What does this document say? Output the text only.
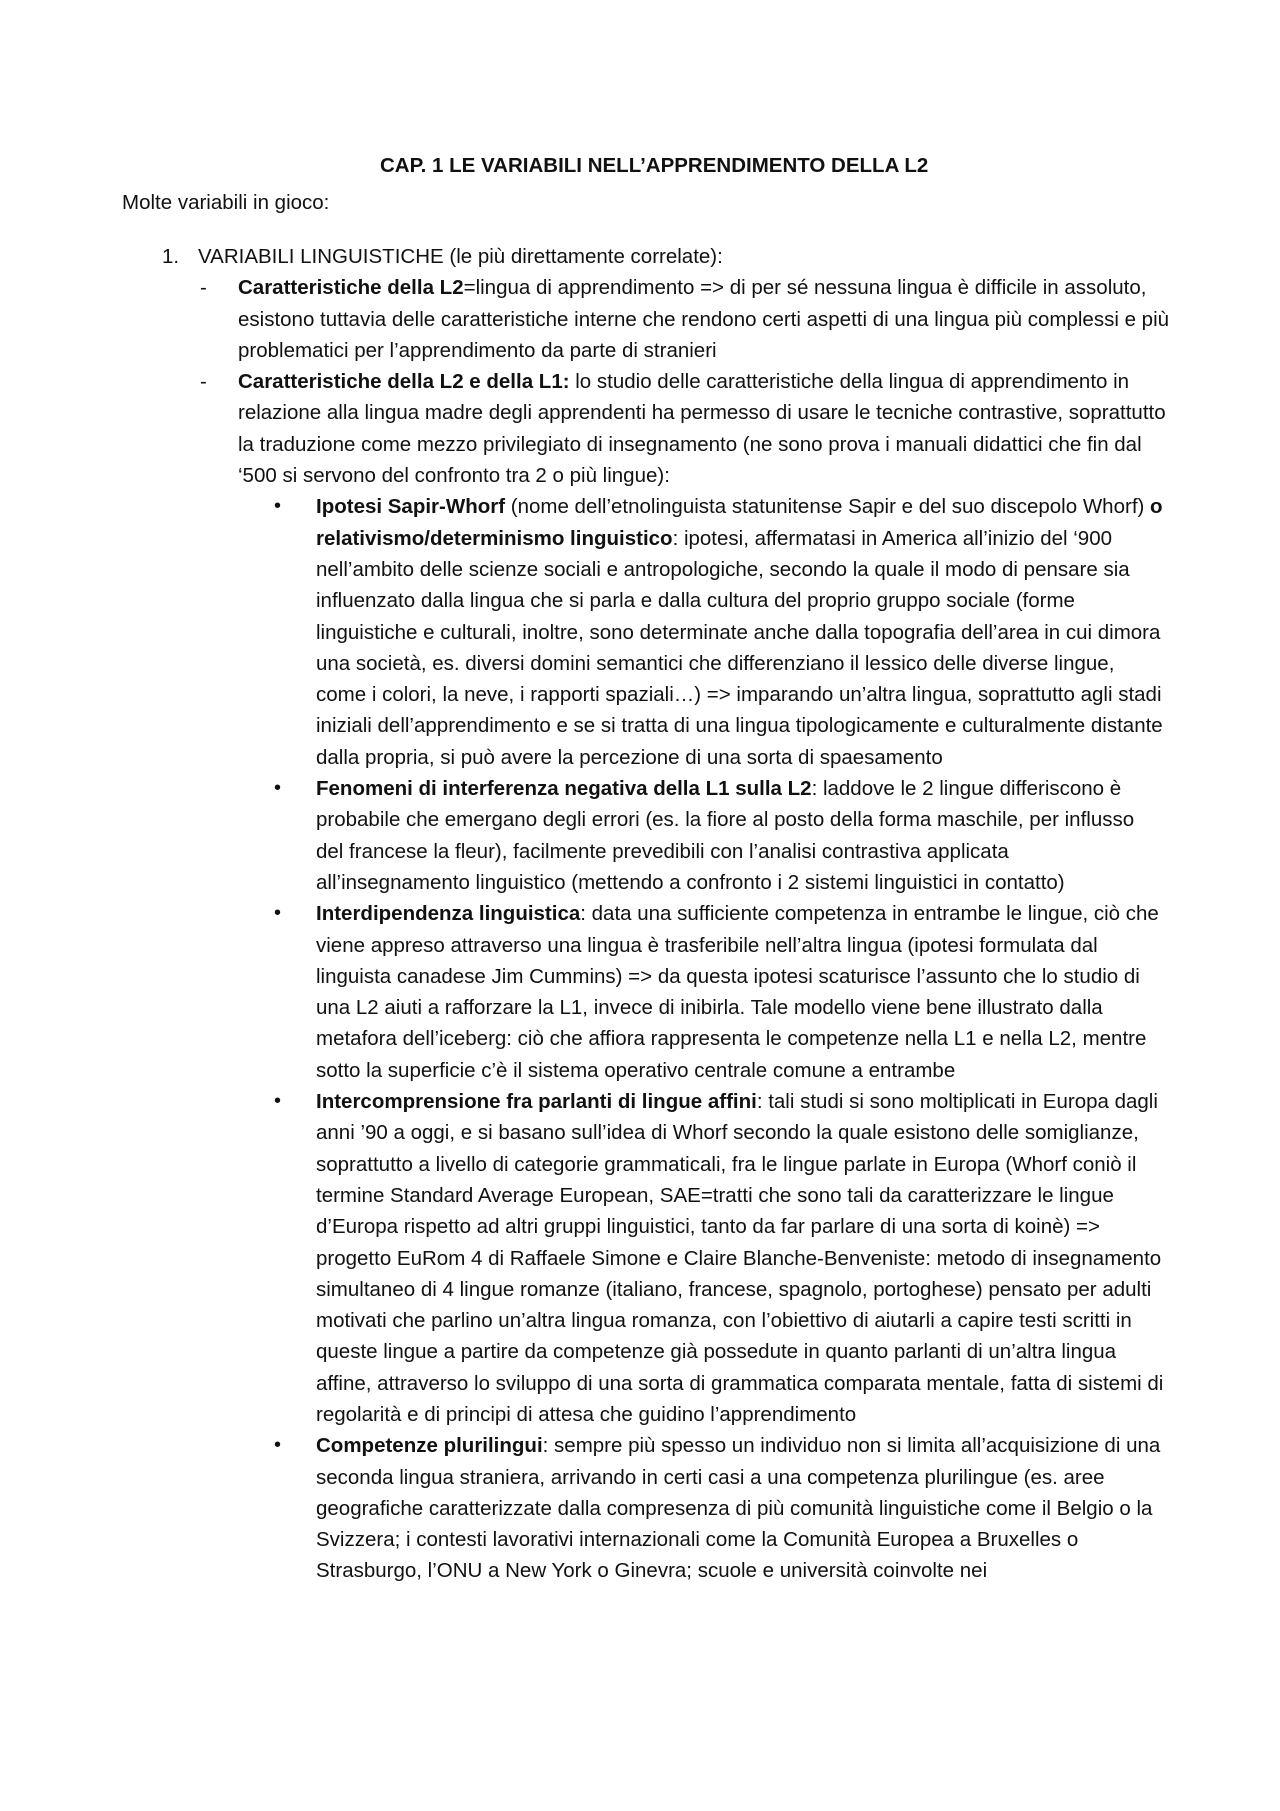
CAP. 1 LE VARIABILI NELL’APPRENDIMENTO DELLA L2

Molte variabili in gioco:

1. VARIABILI LINGUISTICHE (le più direttamente correlate):
- Caratteristiche della L2=lingua di apprendimento => di per sé nessuna lingua è difficile in assoluto, esistono tuttavia delle caratteristiche interne che rendono certi aspetti di una lingua più complessi e più problematici per l’apprendimento da parte di stranieri
- Caratteristiche della L2 e della L1: lo studio delle caratteristiche della lingua di apprendimento in relazione alla lingua madre degli apprendenti ha permesso di usare le tecniche contrastive, soprattutto la traduzione come mezzo privilegiato di insegnamento (ne sono prova i manuali didattici che fin dal ‘500 si servono del confronto tra 2 o più lingue):
• Ipotesi Sapir-Whorf (nome dell’etnolinguista statunitense Sapir e del suo discepolo Whorf) o relativismo/determinismo linguistico: ipotesi, affermatasi in America all’inizio del ‘900 nell’ambito delle scienze sociali e antropologiche, secondo la quale il modo di pensare sia influenzato dalla lingua che si parla e dalla cultura del proprio gruppo sociale (forme linguistiche e culturali, inoltre, sono determinate anche dalla topografia dell’area in cui dimora una società, es. diversi domini semantici che differenziano il lessico delle diverse lingue, come i colori, la neve, i rapporti spaziali…) => imparando un’altra lingua, soprattutto agli stadi iniziali dell’apprendimento e se si tratta di una lingua tipologicamente e culturalmente distante dalla propria, si può avere la percezione di una sorta di spaesamento
• Fenomeni di interferenza negativa della L1 sulla L2: laddove le 2 lingue differiscono è probabile che emergano degli errori (es. la fiore al posto della forma maschile, per influsso del francese la fleur), facilmente prevedibili con l’analisi contrastiva applicata all’insegnamento linguistico (mettendo a confronto i 2 sistemi linguistici in contatto)
• Interdipendenza linguistica: data una sufficiente competenza in entrambe le lingue, ciò che viene appreso attraverso una lingua è trasferibile nell’altra lingua (ipotesi formulata dal linguista canadese Jim Cummins) => da questa ipotesi scaturisce l’assunto che lo studio di una L2 aiuti a rafforzare la L1, invece di inibirla. Tale modello viene bene illustrato dalla metafora dell’iceberg: ciò che affiora rappresenta le competenze nella L1 e nella L2, mentre sotto la superficie c’è il sistema operativo centrale comune a entrambe
• Intercomprensione fra parlanti di lingue affini: tali studi si sono moltiplicati in Europa dagli anni ’90 a oggi, e si basano sull’idea di Whorf secondo la quale esistono delle somiglianze, soprattutto a livello di categorie grammaticali, fra le lingue parlate in Europa (Whorf coniò il termine Standard Average European, SAE=tratti che sono tali da caratterizzare le lingue d’Europa rispetto ad altri gruppi linguistici, tanto da far parlare di una sorta di koinè) => progetto EuRom 4 di Raffaele Simone e Claire Blanche-Benveniste: metodo di insegnamento simultaneo di 4 lingue romanze (italiano, francese, spagnolo, portoghese) pensato per adulti motivati che parlino un’altra lingua romanza, con l’obiettivo di aiutarli a capire testi scritti in queste lingue a partire da competenze già possedute in quanto parlanti di un’altra lingua affine, attraverso lo sviluppo di una sorta di grammatica comparata mentale, fatta di sistemi di regolarità e di principi di attesa che guidino l’apprendimento
• Competenze plurilingui: sempre più spesso un individuo non si limita all’acquisizione di una seconda lingua straniera, arrivando in certi casi a una competenza plurilingue (es. aree geografiche caratterizzate dalla compresenza di più comunità linguistiche come il Belgio o la Svizzera; i contesti lavorativi internazionali come la Comunità Europea a Bruxelles o Strasburgo, l’ONU a New York o Ginevra; scuole e università coinvolte nei
